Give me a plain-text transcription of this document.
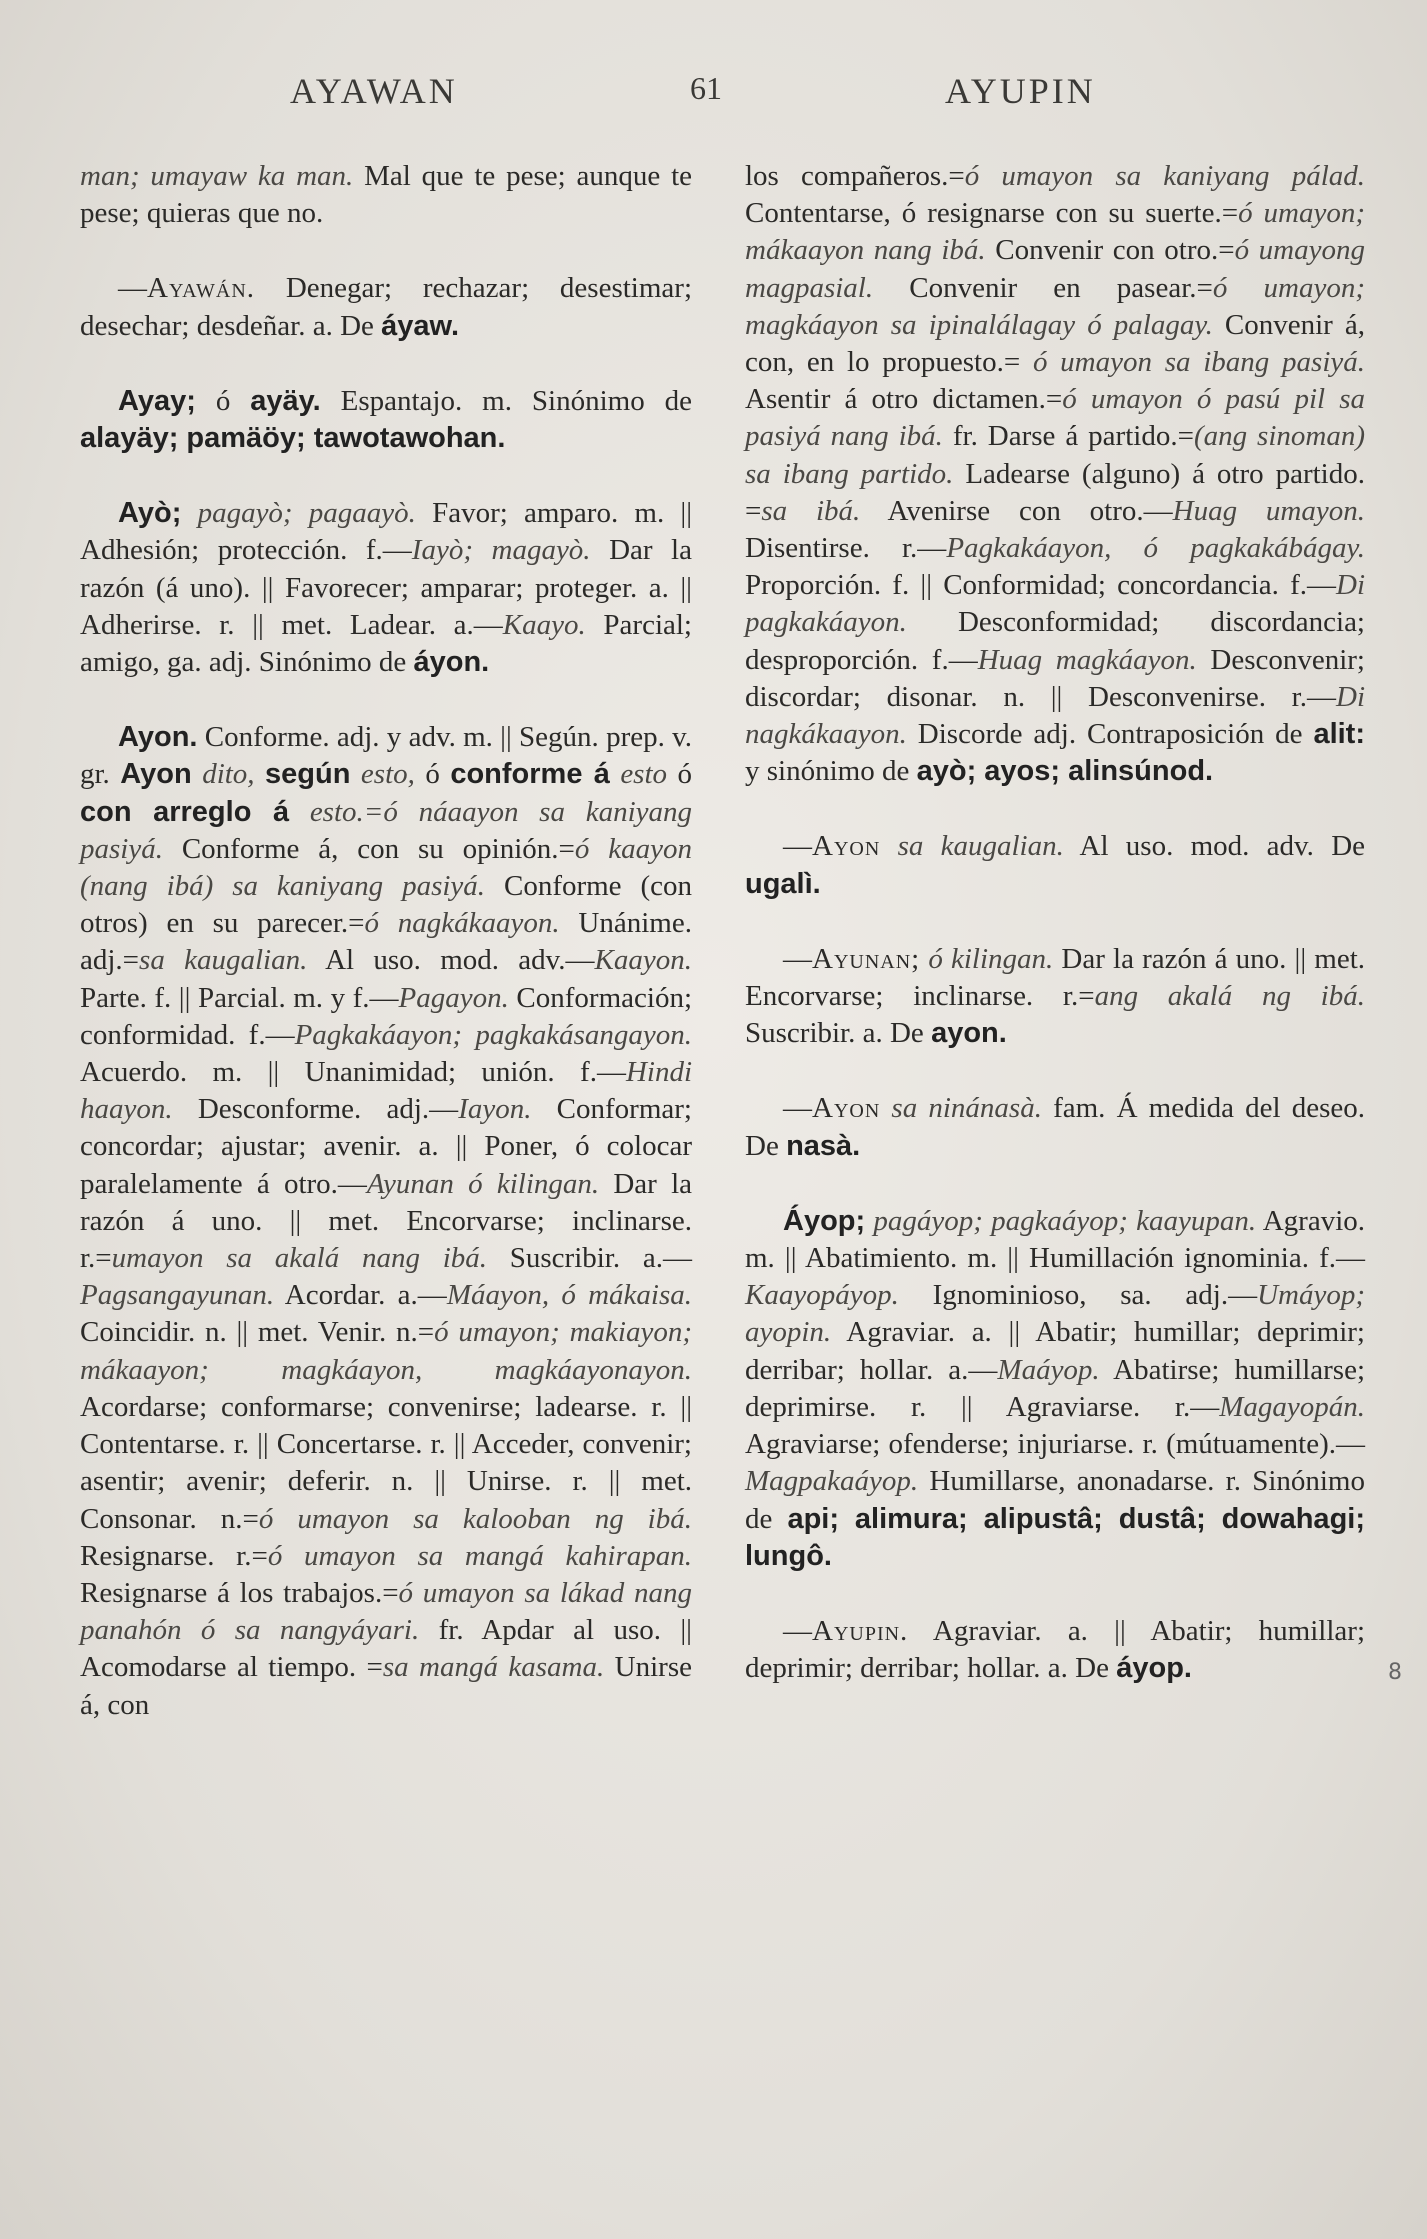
AYAWAN	61	AYUPIN

man; umayaw ka man. Mal que te pese; aunque te pese; quieras que no.

—Ayawán. Denegar; rechazar; desestimar; desechar; desdeñar. a. De áyaw.

Ayay; ó ayäy. Espantajo. m. Sinónimo de alayäy; pamäöy; tawotawohan.

Ayò; pagayò; pagaayò. Favor; amparo. m. || Adhesión; protección. f.—Iayò; magayò. Dar la razón (á uno). || Favorecer; amparar; proteger. a. || Adherirse. r. || met. Ladear. a.—Kaayo. Parcial; amigo, ga. adj. Sinónimo de áyon.

Ayon. Conforme. adj. y adv. m. || Según. prep. v. gr. Ayon dito, según esto, ó conforme á esto ó con arreglo á esto.=ó náaayon sa kaniyang pasiyá. Conforme á, con su opinión.=ó kaayon (nang ibá) sa kaniyang pasiyá. Conforme (con otros) en su parecer.=ó nagkákaayon. Unánime. adj.=sa kaugalian. Al uso. mod. adv.—Kaayon. Parte. f. || Parcial. m. y f.—Pagayon. Conformación; conformidad. f.—Pagkakáayon; pagkakásangayon. Acuerdo. m. || Unanimidad; unión. f.—Hindi haayon. Desconforme. adj.—Iayon. Conformar; concordar; ajustar; avenir. a. || Poner, ó colocar paralelamente á otro.—Ayunan ó kilingan. Dar la razón á uno. || met. Encorvarse; inclinarse. r.=umayon sa akalá nang ibá. Suscribir. a.—Pagsangayunan. Acordar. a.—Máayon, ó mákaisa. Coincidir. n. || met. Venir. n.=ó umayon; makiayon; mákaayon; magkáayon, magkáayonayon. Acordarse; conformarse; convenirse; ladearse. r. || Contentarse. r. || Concertarse. r. || Acceder, convenir; asentir; avenir; deferir. n. || Unirse. r. || met. Consonar. n.=ó umayon sa kalooban ng ibá. Resignarse. r.=ó umayon sa mangá kahirapan. Resignarse á los trabajos.=ó umayon sa lákad nang panahón ó sa nangyáyari. fr. Apdar al uso. || Acomodarse al tiempo. =sa mangá kasama. Unirse á, con

los compañeros.=ó umayon sa kaniyang pálad. Contentarse, ó resignarse con su suerte.=ó umayon; mákaayon nang ibá. Convenir con otro.=ó umayong magpasial. Convenir en pasear.=ó umayon; magkáayon sa ipinalálagay ó palagay. Convenir á, con, en lo propuesto.= ó umayon sa ibang pasiyá. Asentir á otro dictamen.=ó umayon ó pasú pil sa pasiyá nang ibá. fr. Darse á partido.=(ang sinoman) sa ibang partido. Ladearse (alguno) á otro partido. =sa ibá. Avenirse con otro.—Huag umayon. Disentirse. r.—Pagkakáayon, ó pagkakábágay. Proporción. f. || Conformidad; concordancia. f.—Di pagkakáayon. Desconformidad; discordancia; desproporción. f.—Huag magkáayon. Desconvenir; discordar; disonar. n. || Desconvenirse. r.—Di nagkákaayon. Discorde adj. Contraposición de alit: y sinónimo de ayò; ayos; alinsúnod.

—Ayon sa kaugalian. Al uso. mod. adv. De ugalì.

—Ayunan; ó kilingan. Dar la razón á uno. || met. Encorvarse; inclinarse. r.=ang akalá ng ibá. Suscribir. a. De ayon.

—Ayon sa ninánasà. fam. Á medida del deseo. De nasà.

Áyop; pagáyop; pagkaáyop; kaayupan. Agravio. m. || Abatimiento. m. || Humillación ignominia. f.—Kaayopáyop. Ignominioso, sa. adj.—Umáyop; ayopin. Agraviar. a. || Abatir; humillar; deprimir; derribar; hollar. a.—Maáyop. Abatirse; humillarse; deprimirse. r. || Agraviarse. r.—Magayopán. Agraviarse; ofenderse; injuriarse. r. (mútuamente).—Magpakaáyop. Humillarse, anonadarse. r. Sinónimo de api; alimura; alipustâ; dustâ; dowahagi; lungô.

—Ayupin. Agraviar. a. || Abatir; humillar; deprimir; derribar; hollar. a. De áyop.	8
